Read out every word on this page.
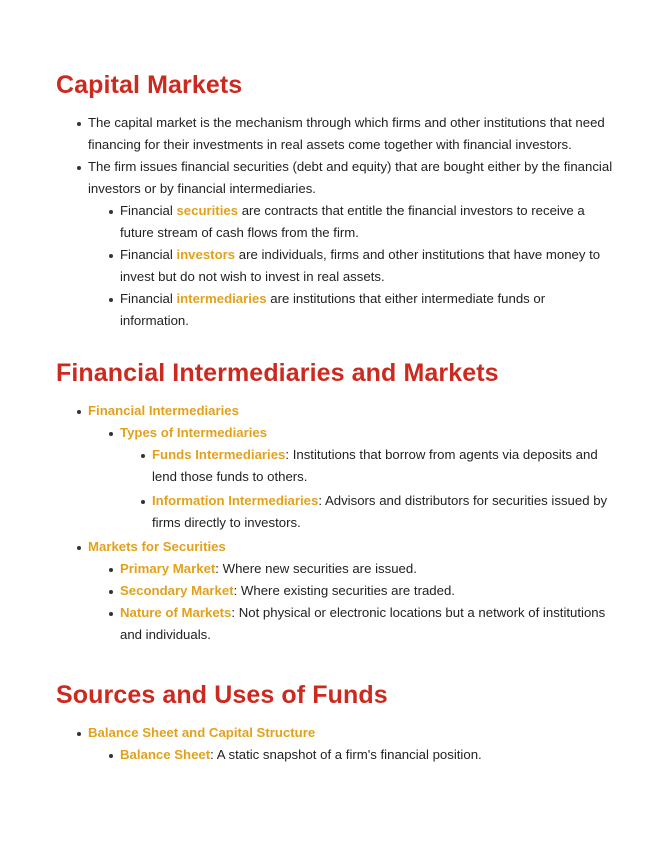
Capital Markets
The capital market is the mechanism through which firms and other institutions that need financing for their investments in real assets come together with financial investors.
The firm issues financial securities (debt and equity) that are bought either by the financial investors or by financial intermediaries.
Financial securities are contracts that entitle the financial investors to receive a future stream of cash flows from the firm.
Financial investors are individuals, firms and other institutions that have money to invest but do not wish to invest in real assets.
Financial intermediaries are institutions that either intermediate funds or information.
Financial Intermediaries and Markets
Financial Intermediaries
Types of Intermediaries
Funds Intermediaries: Institutions that borrow from agents via deposits and lend those funds to others.
Information Intermediaries: Advisors and distributors for securities issued by firms directly to investors.
Markets for Securities
Primary Market: Where new securities are issued.
Secondary Market: Where existing securities are traded.
Nature of Markets: Not physical or electronic locations but a network of institutions and individuals.
Sources and Uses of Funds
Balance Sheet and Capital Structure
Balance Sheet: A static snapshot of a firm's financial position.
